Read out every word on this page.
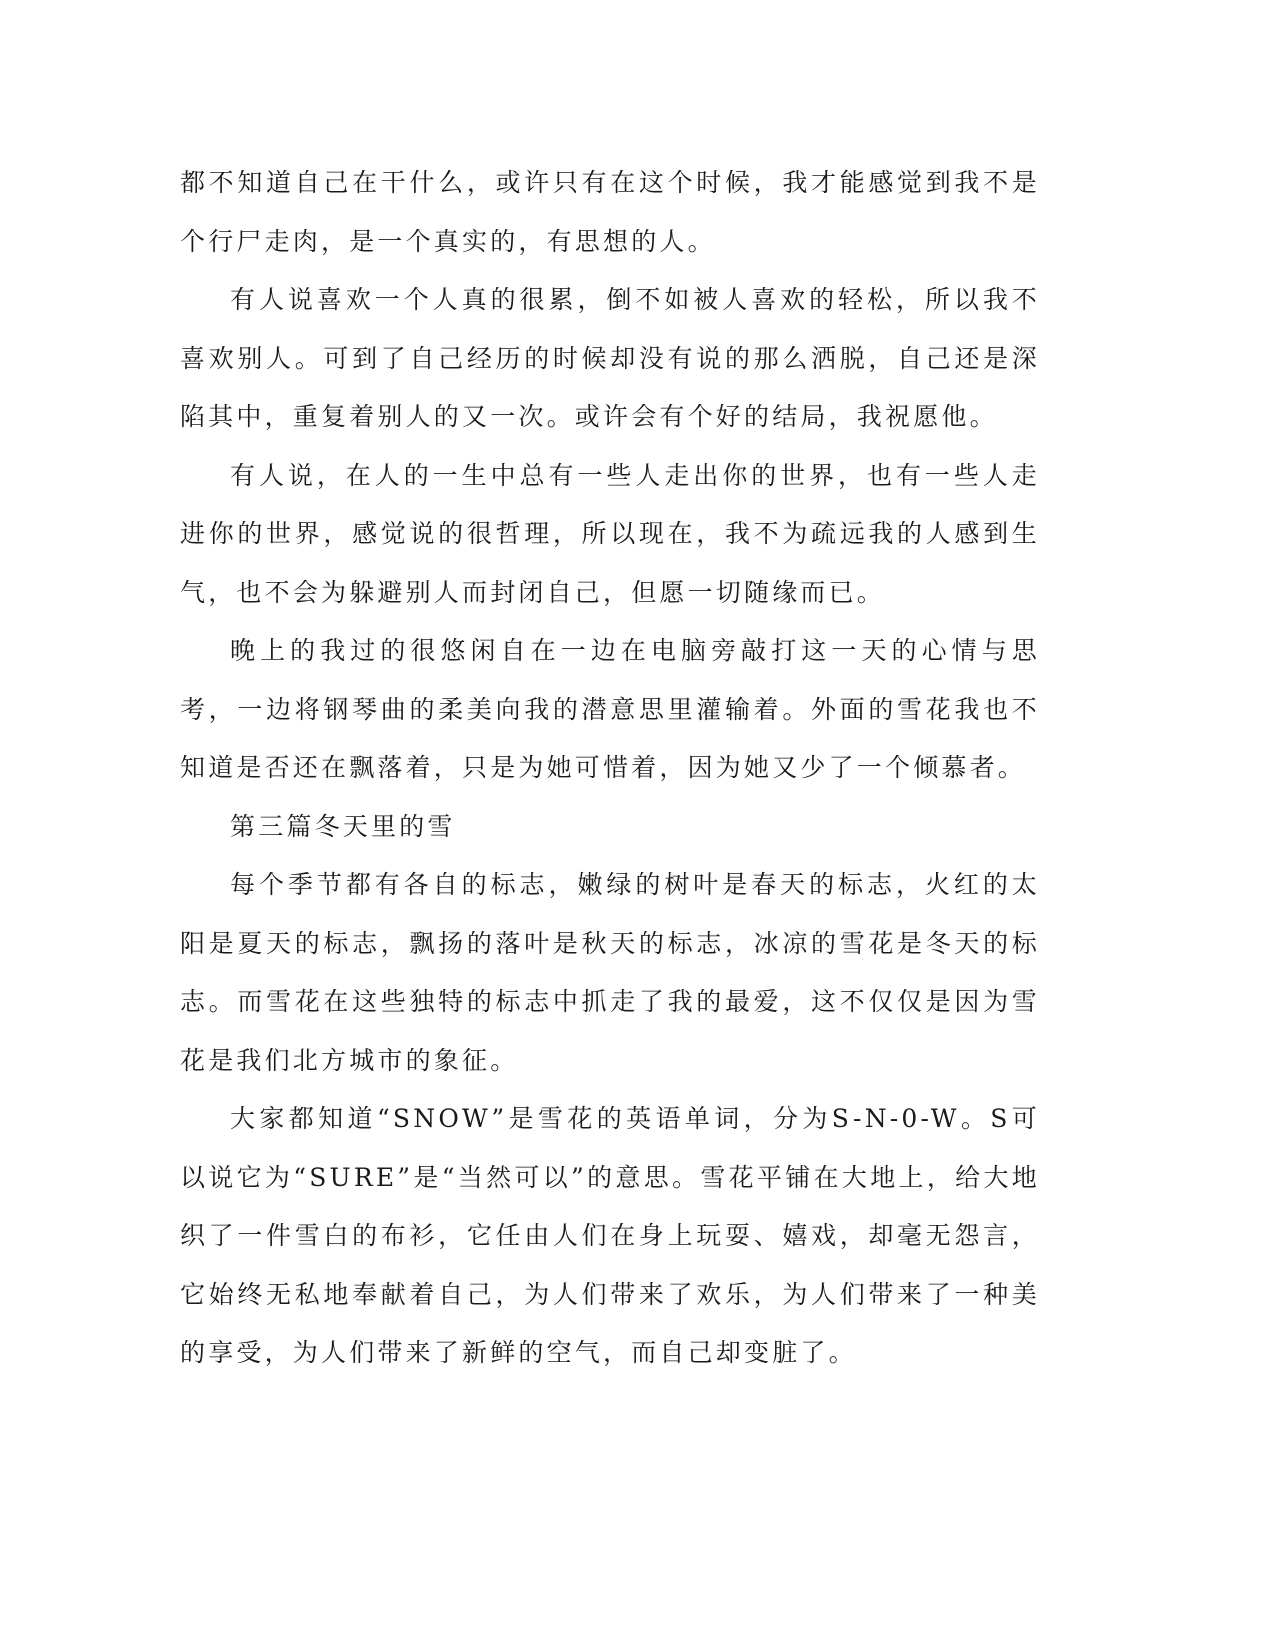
都不知道自己在干什么，或许只有在这个时候，我才能感觉到我不是个行尸走肉，是一个真实的，有思想的人。

有人说喜欢一个人真的很累，倒不如被人喜欢的轻松，所以我不喜欢别人。可到了自己经历的时候却没有说的那么洒脱，自己还是深陷其中，重复着别人的又一次。或许会有个好的结局，我祝愿他。

有人说，在人的一生中总有一些人走出你的世界，也有一些人走进你的世界，感觉说的很哲理，所以现在，我不为疏远我的人感到生气，也不会为躲避别人而封闭自己，但愿一切随缘而已。

晚上的我过的很悠闲自在一边在电脑旁敲打这一天的心情与思考，一边将钢琴曲的柔美向我的潜意思里灌输着。外面的雪花我也不知道是否还在飘落着，只是为她可惜着，因为她又少了一个倾慕者。

第三篇冬天里的雪

每个季节都有各自的标志，嫩绿的树叶是春天的标志，火红的太阳是夏天的标志，飘扬的落叶是秋天的标志，冰凉的雪花是冬天的标志。而雪花在这些独特的标志中抓走了我的最爱，这不仅仅是因为雪花是我们北方城市的象征。

大家都知道“SNOW”是雪花的英语单词，分为S-N-0-W。S可以说它为“SURE”是“当然可以”的意思。雪花平铺在大地上，给大地织了一件雪白的布衫，它任由人们在身上玩耍、嬉戏，却毫无怨言，它始终无私地奉献着自己，为人们带来了欢乐，为人们带来了一种美的享受，为人们带来了新鲜的空气，而自己却变脏了。
